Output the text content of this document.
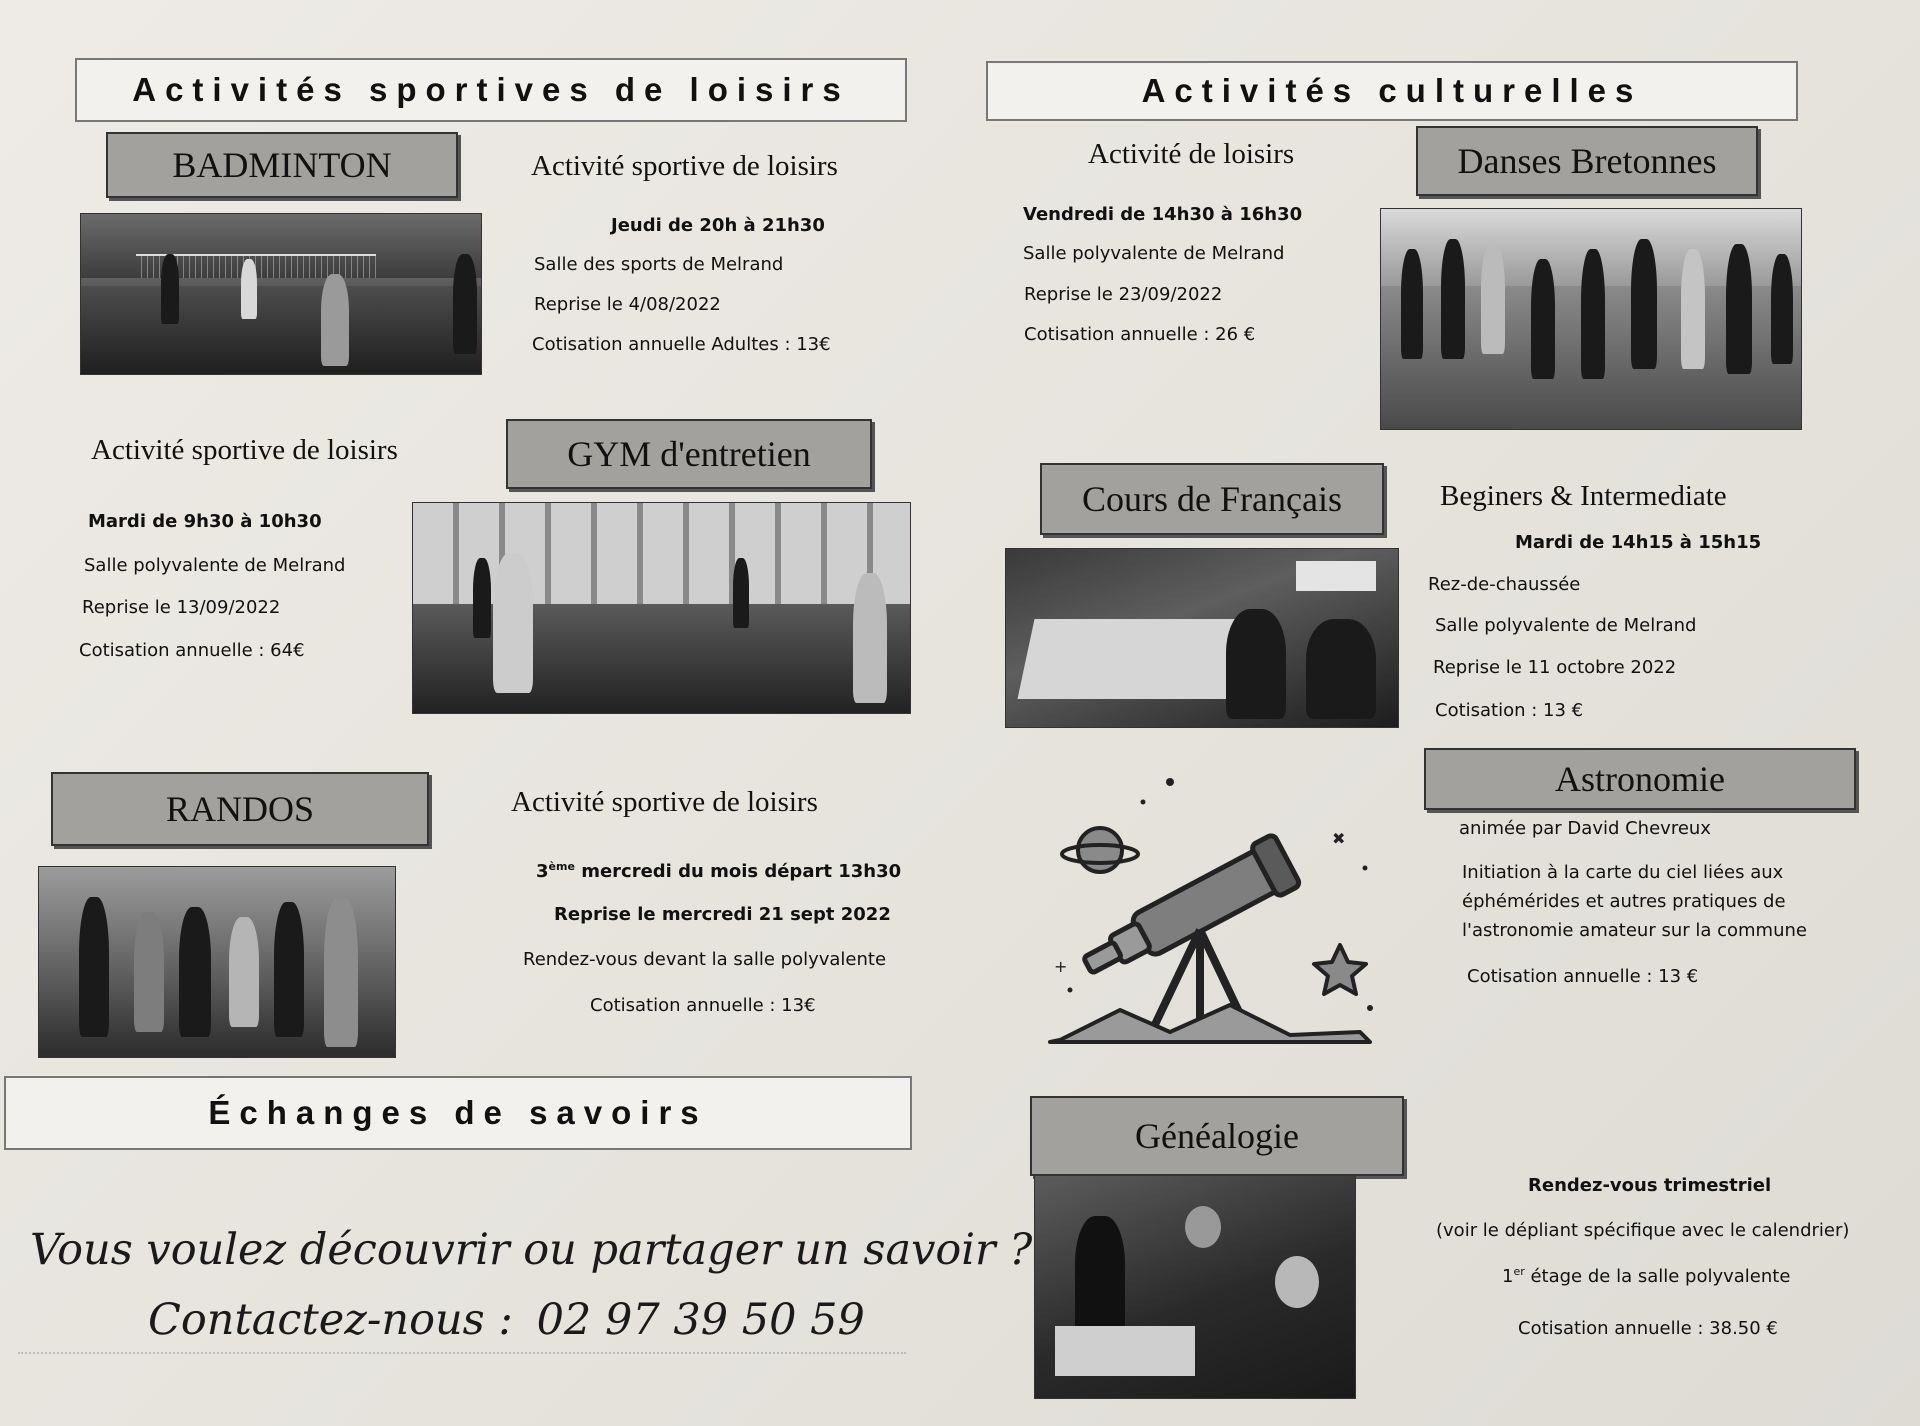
Activités sportives de loisirs
BADMINTON	Activité sportive de loisirs
Jeudi de 20h à 21h30
Salle des sports de Melrand
Reprise le 4/08/2022
Cotisation annuelle Adultes : 13€
Activité sportive de loisirs	GYM d'entretien
Mardi de 9h30 à 10h30
Salle polyvalente de Melrand
Reprise le 13/09/2022
Cotisation annuelle : 64€
RANDOS	Activité sportive de loisirs
3ème mercredi du mois départ 13h30
Reprise le mercredi 21 sept 2022
Rendez-vous devant la salle polyvalente
Cotisation annuelle : 13€
Échanges de savoirs
Vous voulez découvrir ou partager un savoir ?
Contactez-nous : 02 97 39 50 59
Activités culturelles
Activité de loisirs	Danses Bretonnes
Vendredi de 14h30 à 16h30
Salle polyvalente de Melrand
Reprise le 23/09/2022
Cotisation annuelle : 26 €
Cours de Français	Beginers & Intermediate
Mardi de 14h15 à 15h15
Rez-de-chaussée
Salle polyvalente de Melrand
Reprise le 11 octobre 2022
Cotisation : 13 €
Astronomie
animée par David Chevreux
Initiation à la carte du ciel liées aux
éphémérides et autres pratiques de
l'astronomie amateur sur la commune
Cotisation annuelle : 13 €
✖
+
Généalogie
Rendez-vous trimestriel
(voir le dépliant spécifique avec le calendrier)
1er étage de la salle polyvalente
Cotisation annuelle : 38.50 €
